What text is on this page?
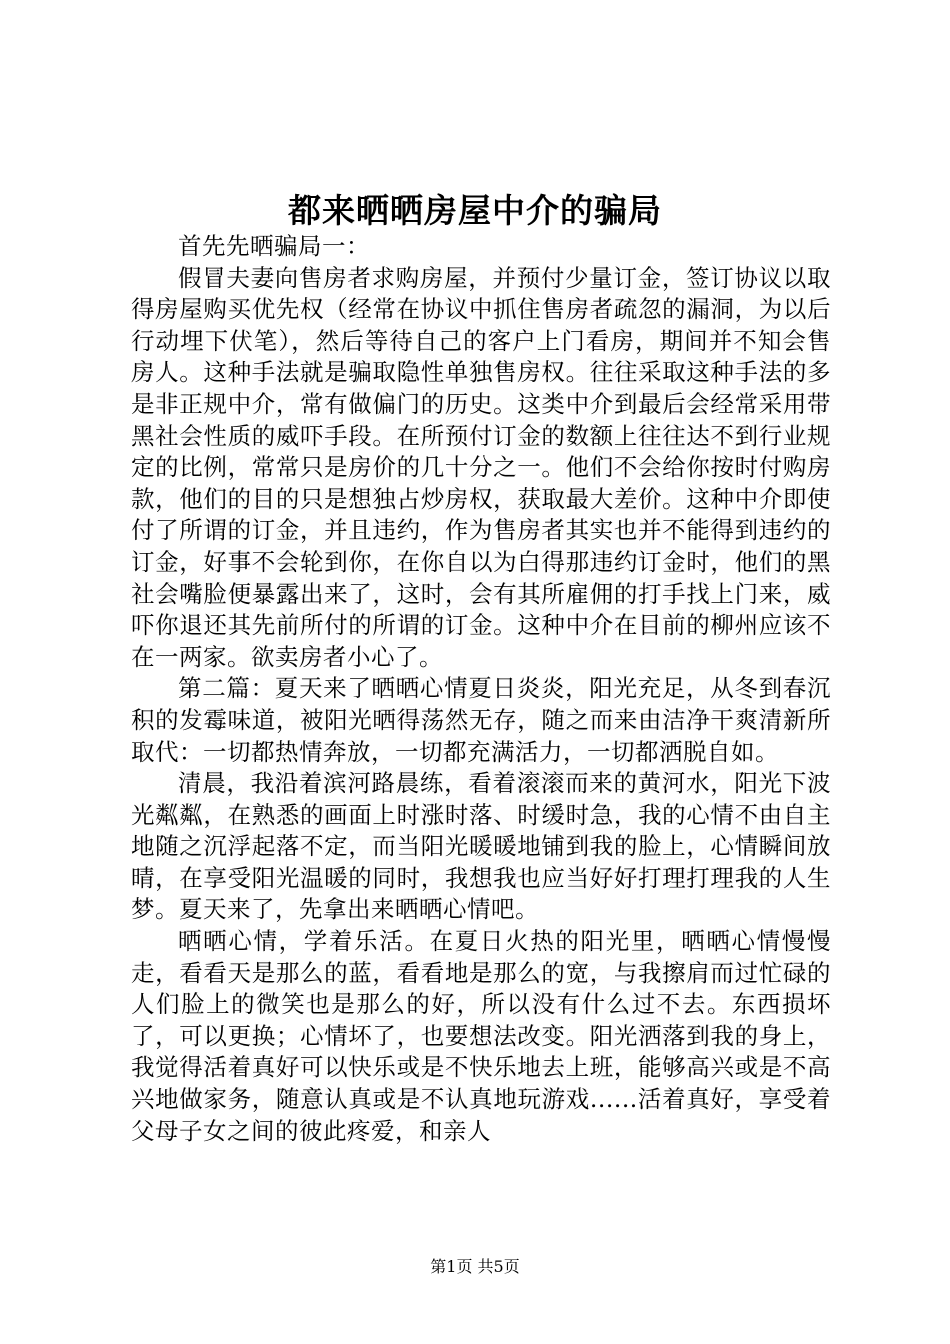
都来晒晒房屋中介的骗局

首先先晒骗局一：

假冒夫妻向售房者求购房屋，并预付少量订金，签订协议以取得房屋购买优先权（经常在协议中抓住售房者疏忽的漏洞，为以后行动埋下伏笔），然后等待自己的客户上门看房，期间并不知会售房人。这种手法就是骗取隐性单独售房权。往往采取这种手法的多是非正规中介，常有做偏门的历史。这类中介到最后会经常采用带黑社会性质的威吓手段。在所预付订金的数额上往往达不到行业规定的比例，常常只是房价的几十分之一。他们不会给你按时付购房款，他们的目的只是想独占炒房权，获取最大差价。这种中介即使付了所谓的订金，并且违约，作为售房者其实也并不能得到违约的订金，好事不会轮到你，在你自以为白得那违约订金时，他们的黑社会嘴脸便暴露出来了，这时，会有其所雇佣的打手找上门来，威吓你退还其先前所付的所谓的订金。这种中介在目前的柳州应该不在一两家。欲卖房者小心了。

第二篇：夏天来了晒晒心情夏日炎炎，阳光充足，从冬到春沉积的发霉味道，被阳光晒得荡然无存，随之而来由洁净干爽清新所取代：一切都热情奔放，一切都充满活力，一切都洒脱自如。

清晨，我沿着滨河路晨练，看着滚滚而来的黄河水，阳光下波光粼粼，在熟悉的画面上时涨时落、时缓时急，我的心情不由自主地随之沉浮起落不定，而当阳光暖暖地铺到我的脸上，心情瞬间放晴，在享受阳光温暖的同时，我想我也应当好好打理打理我的人生梦。夏天来了，先拿出来晒晒心情吧。

晒晒心情，学着乐活。在夏日火热的阳光里，晒晒心情慢慢走，看看天是那么的蓝，看看地是那么的宽，与我擦肩而过忙碌的人们脸上的微笑也是那么的好，所以没有什么过不去。东西损坏了，可以更换；心情坏了，也要想法改变。阳光洒落到我的身上，我觉得活着真好可以快乐或是不快乐地去上班，能够高兴或是不高兴地做家务，随意认真或是不认真地玩游戏......活着真好，享受着父母子女之间的彼此疼爱，和亲人

第1页 共5页
